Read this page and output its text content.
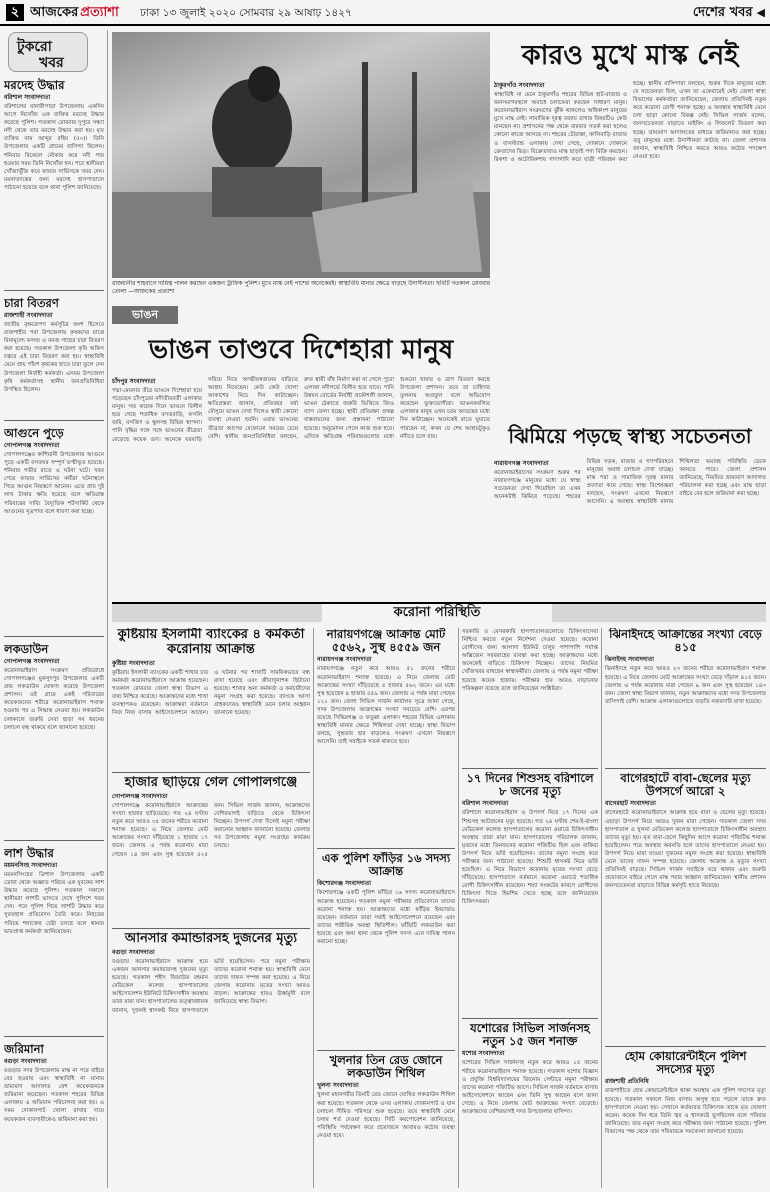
২ আজকের প্রত্যাশা	ঢাকা ১৩ জুলাই ২০২০ সোমবার ২৯ আষাঢ় ১৪২৭	দেশের খবর ◀
টুকরো
খবর
মরদেহ উদ্ধার
বরিশাল সংবাদদাতা
বরিশালের বানারীপাড়া উপজেলায় একদিন আগে নিখোঁজ এক ব্যক্তির মরদেহ উদ্ধার করেছে পুলিশ। গতকাল রোববার দুপুরে সন্ধ্যা নদী থেকে তার মরদেহ উদ্ধার করা হয়। মৃত ব্যক্তির নাম আব্দুর রহিম (৫০)। তিনি উপজেলার একটি গ্রামের বাসিন্দা ছিলেন। শনিবার বিকেলে নৌকায় করে নদী পার হওয়ার সময় তিনি নিখোঁজ হন। পরে স্থানীয়রা খোঁজাখুঁজি করে ফায়ার সার্ভিসকে খবর দেন। ময়নাতদন্তের জন্য মরদেহ হাসপাতালে পাঠানো হয়েছে বলে থানা পুলিশ জানিয়েছে।
চারা বিতরণ
রাজশাহী সংবাদদাতা
জাতীয় বৃক্ষরোপণ কর্মসূচির অংশ হিসেবে রাজশাহীর পবা উপজেলায় কৃষকদের মাঝে বিনামূল্যে ফলজ ও বনজ গাছের চারা বিতরণ করা হয়েছে। গতকাল উপজেলা কৃষি অফিস চত্বরে এই চারা বিতরণ করা হয়। স্বাস্থ্যবিধি মেনে প্রায় পাঁচশ কৃষকের হাতে চারা তুলে দেন উপজেলা নির্বাহী কর্মকর্তা। এসময় উপজেলা কৃষি কর্মকর্তাসহ স্থানীয় জনপ্রতিনিধিরা উপস্থিত ছিলেন।
আগুনে পুড়ে
গোপালগঞ্জ সংবাদদাতা
গোপালগঞ্জের কাশিয়ানী উপজেলায় আগুনে পুড়ে একটি বসতঘর সম্পূর্ণ ভস্মীভূত হয়েছে। শনিবার গভীর রাতে এ ঘটনা ঘটে। খবর পেয়ে ফায়ার সার্ভিসের কর্মীরা ঘটনাস্থলে গিয়ে আগুন নিয়ন্ত্রণে আনেন। এতে প্রায় দুই লাখ টাকার ক্ষতি হয়েছে বলে ক্ষতিগ্রস্ত পরিবারের দাবি। বৈদ্যুতিক শর্টসার্কিট থেকে আগুনের সূত্রপাত বলে ধারণা করা হচ্ছে।
লকডাউন
গোপালগঞ্জ সংবাদদাতা
করোনাভাইরাস সংক্রমণ প্রতিরোধে গোপালগঞ্জের মুকসুদপুর উপজেলার একটি গ্রাম লকডাউন ঘোষণা করেছে উপজেলা প্রশাসন। ওই গ্রামে একই পরিবারের কয়েকজনের শরীরে করোনাভাইরাস শনাক্ত হওয়ার পর এ সিদ্ধান্ত নেওয়া হয়। লকডাউন চলাকালে জরুরি সেবা ছাড়া সব ধরনের চলাচল বন্ধ থাকবে বলে জানানো হয়েছে।
লাশ উদ্ধার
ময়মনসিংহ সংবাদদাতা
ময়মনসিংহের ত্রিশাল উপজেলায় একটি ডোবা থেকে অজ্ঞাত পরিচয় এক যুবকের লাশ উদ্ধার করেছে পুলিশ। গতকাল সকালে স্থানীয়রা লাশটি ভাসতে দেখে পুলিশে খবর দেন। পরে পুলিশ গিয়ে লাশটি উদ্ধার করে সুরতহাল প্রতিবেদন তৈরি করে। নিহতের পরিচয় শনাক্তের চেষ্টা চলছে বলে থানার ভারপ্রাপ্ত কর্মকর্তা জানিয়েছেন।
জরিমানা
বগুড়া সংবাদদাতা
বগুড়ার সদর উপজেলায় মাস্ক না পরে বাইরে বের হওয়ায় এবং স্বাস্থ্যবিধি না মানায় ভ্রাম্যমাণ আদালত বেশ কয়েকজনকে জরিমানা করেছেন। গতকাল শহরের বিভিন্ন এলাকায় এ অভিযান পরিচালনা করা হয়। এ সময় দোকানপাট খোলা রাখার দায়ে কয়েকজন ব্যবসায়ীকেও জরিমানা করা হয়।
রাজধানীর শাহবাগে দায়িত্ব পালন করছেন একজন ট্রাফিক পুলিশ। মুখে মাস্ক নেই পাশের অনেকেরই। স্বাস্থ্যবিধি মানার ক্ষেত্রে বাড়ছে উদাসীনতা। ছবিটি গতকাল রোববার তোলা —আজকের প্রত্যাশা
কারও মুখে মাস্ক নেই
ঠাকুরগাঁও সংবাদদাতা
স্বাস্থ্যবিধি না মেনে ঠাকুরগাঁও শহরের বিভিন্ন হাট-বাজার ও জনসমাগমস্থলে অবাধে চলাফেরা করছেন সাধারণ মানুষ। করোনাভাইরাস সংক্রমণের ঝুঁকি থাকলেও অধিকাংশ মানুষের মুখে মাস্ক নেই। সামাজিক দূরত্ব বজায় রাখার বিষয়টিও কেউ মানছেন না। প্রশাসনের পক্ষ থেকে বারবার সতর্ক করা হলেও কোনো কাজে আসছে না। শহরের চৌরাস্তা, কালিবাড়ি বাজার ও বাসস্ট্যান্ড এলাকায় দেখা গেছে, দোকানে দোকানে ক্রেতাদের ভিড়। বিক্রেতারাও মাস্ক ছাড়াই পণ্য বিক্রি করছেন। রিকশা ও অটোরিকশায় গাদাগাদি করে যাত্রী পরিবহন করা হচ্ছে। স্থানীয় বাসিন্দারা বলছেন, শুরুর দিকে মানুষের মধ্যে যে সচেতনতা ছিল, এখন তা একেবারেই নেই। জেলা স্বাস্থ্য বিভাগের কর্মকর্তারা জানিয়েছেন, জেলায় প্রতিদিনই নতুন করে করোনা রোগী শনাক্ত হচ্ছে। এ অবস্থায় স্বাস্থ্যবিধি মেনে চলা ছাড়া কোনো বিকল্প নেই। সিভিল সার্জন বলেন, জনসচেতনতা বাড়াতে মাইকিং ও লিফলেট বিতরণ করা হচ্ছে। ভ্রাম্যমাণ আদালতের মাধ্যমে জরিমানাও করা হচ্ছে। তবু মানুষের মধ্যে উদাসীনতা কাটছে না। জেলা প্রশাসক জানান, স্বাস্থ্যবিধি নিশ্চিত করতে আরও কঠোর পদক্ষেপ নেওয়া হবে।
ভাঙন
ভাঙন তাণ্ডবে দিশেহারা মানুষ
চাঁদপুর সংবাদদাতা
পদ্মা-মেঘনার তীব্র ভাঙনে দিশেহারা হয়ে পড়েছেন চাঁদপুরের নদীতীরবর্তী এলাকার মানুষ। গত কয়েক দিনে ভাঙনে বিলীন হয়ে গেছে শতাধিক বসতবাড়ি, ফসলি জমি, মসজিদ ও স্কুলসহ বিভিন্ন স্থাপনা। পানি বৃদ্ধির সঙ্গে সঙ্গে ভাঙনের তীব্রতা বেড়েছে কয়েক গুণ। অনেকে ঘরবাড়ি সরিয়ে নিয়ে আত্মীয়স্বজনের বাড়িতে আশ্রয় নিয়েছেন। কেউ কেউ খোলা আকাশের নিচে দিন কাটাচ্ছেন। ক্ষতিগ্রস্তরা জানান, প্রতিবছর বর্ষা মৌসুমে ভাঙন দেখা দিলেও স্থায়ী কোনো ব্যবস্থা নেওয়া হয়নি। এবার ভাঙনের তীব্রতা আগের যেকোনো সময়ের চেয়ে বেশি। স্থানীয় জনপ্রতিনিধিরা বলছেন, দ্রুত স্থায়ী বাঁধ নির্মাণ করা না গেলে পুরো এলাকা নদীগর্ভে বিলীন হয়ে যাবে। পানি উন্নয়ন বোর্ডের নির্বাহী প্রকৌশলী জানান, ভাঙন ঠেকাতে জরুরি ভিত্তিতে জিও ব্যাগ ফেলা হচ্ছে। স্থায়ী প্রতিরক্ষা প্রকল্প বাস্তবায়নের জন্য প্রস্তাবনা পাঠানো হয়েছে। অনুমোদন পেলে কাজ শুরু হবে। এদিকে ক্ষতিগ্রস্ত পরিবারগুলোর মধ্যে শুকনো খাবার ও ত্রাণ বিতরণ করছে উপজেলা প্রশাসন। তবে তা চাহিদার তুলনায় অপ্রতুল বলে অভিযোগ করেছেন ভুক্তভোগীরা। ভাঙনকবলিত এলাকার মানুষ এখন চরম আতঙ্কের মধ্যে দিন কাটাচ্ছেন। অনেকেই রাতে ঘুমাতে পারছেন না, কখন যে শেষ আশ্রয়টুকুও নদীতে চলে যায়।	ঝিমিয়ে পড়ছে স্বাস্থ্য সচেতনতা
নারায়ণগঞ্জ সংবাদদাতা
করোনাভাইরাসের সংক্রমণ শুরুর পর নারায়ণগঞ্জে মানুষের মধ্যে যে স্বাস্থ্য সচেতনতা দেখা গিয়েছিল তা এখন অনেকটাই ঝিমিয়ে পড়েছে। শহরের বিভিন্ন সড়ক, বাজার ও গণপরিবহনে মানুষের অবাধ চলাচল দেখা যাচ্ছে। মাস্ক পরা ও সামাজিক দূরত্ব মানার প্রবণতা কমে গেছে। স্বাস্থ্য বিশেষজ্ঞরা বলছেন, সংক্রমণ এখনো নিয়ন্ত্রণে আসেনি। এ অবস্থায় স্বাস্থ্যবিধি মানায় শিথিলতা ভয়াবহ পরিস্থিতি ডেকে আনতে পারে। জেলা প্রশাসন জানিয়েছে, নিয়মিত ভ্রাম্যমাণ আদালত পরিচালনা করা হচ্ছে এবং মাস্ক ছাড়া বাইরে বের হলে জরিমানা করা হচ্ছে।
করোনা পরিস্থিতি
কুষ্টিয়ায় ইসলামী ব্যাংকের ৪ কর্মকর্তা করোনায় আক্রান্ত
কুষ্টিয়া সংবাদদাতা
কুষ্টিয়ায় ইসলামী ব্যাংকের একটি শাখার চার কর্মকর্তা করোনাভাইরাসে আক্রান্ত হয়েছেন। গতকাল রোববার জেলা স্বাস্থ্য বিভাগ এ তথ্য নিশ্চিত করেছে। আক্রান্তদের মধ্যে শাখা ব্যবস্থাপকও রয়েছেন। আক্রান্তরা বর্তমানে নিজ নিজ বাসায় আইসোলেশনে আছেন। এ ঘটনার পর শাখাটি সাময়িকভাবে বন্ধ রাখা হয়েছে এবং জীবাণুনাশক ছিটানো হয়েছে। শাখার অন্য কর্মকর্তা ও কর্মচারীদের নমুনা সংগ্রহ করা হয়েছে। ব্যাংকে আসা গ্রাহকদেরও স্বাস্থ্যবিধি মেনে চলার আহ্বান জানানো হয়েছে।
হাজার ছাড়িয়ে গেল গোপালগঞ্জে
গোপালগঞ্জ সংবাদদাতা
গোপালগঞ্জে করোনাভাইরাসে আক্রান্তের সংখ্যা হাজার ছাড়িয়েছে। গত ২৪ ঘণ্টায় নতুন করে আরও ৩৫ জনের শরীরে করোনা শনাক্ত হয়েছে। এ নিয়ে জেলায় মোট আক্রান্তের সংখ্যা দাঁড়িয়েছে ১ হাজার ১৭ জনে। জেলায় এ পর্যন্ত করোনায় মারা গেছেন ১৪ জন এবং সুস্থ হয়েছেন ৫২৫ জন। সিভিল সার্জন জানান, আক্রান্তদের বেশিরভাগই বাড়িতে থেকে চিকিৎসা নিচ্ছেন। উপসর্গ দেখা দিলেই নমুনা পরীক্ষা করানোর আহ্বান জানানো হয়েছে। জেলার সব উপজেলায় নমুনা সংগ্রহের কার্যক্রম চলছে।
আনসার কমান্ডারসহ দুজনের মৃত্যু
বগুড়া সংবাদদাতা
বগুড়ায় করোনাভাইরাসে আক্রান্ত হয়ে একজন আনসার কমান্ডারসহ দুজনের মৃত্যু হয়েছে। গতকাল শহীদ জিয়াউর রহমান মেডিকেল কলেজ হাসপাতালের আইসোলেশন ইউনিটে চিকিৎসাধীন অবস্থায় তারা মারা যান। হাসপাতালের তত্ত্বাবধায়ক জানান, দুজনই শ্বাসকষ্ট নিয়ে হাসপাতালে ভর্তি হয়েছিলেন। পরে নমুনা পরীক্ষায় তাদের করোনা শনাক্ত হয়। স্বাস্থ্যবিধি মেনে তাদের দাফন সম্পন্ন করা হয়েছে। এ নিয়ে জেলায় করোনায় মৃতের সংখ্যা আরও বাড়ল। আক্রান্তের হারও ঊর্ধ্বমুখী বলে জানিয়েছে স্বাস্থ্য বিভাগ।
নারায়ণগঞ্জে আক্রান্ত মোট ৫৫৬২, সুস্থ ৪৫৫৯ জন
নারায়ণগঞ্জ সংবাদদাতা
নারায়ণগঞ্জে নতুন করে আরও ৫১ জনের শরীরে করোনাভাইরাস শনাক্ত হয়েছে। এ নিয়ে জেলায় মোট আক্রান্তের সংখ্যা দাঁড়িয়েছে ৫ হাজার ৫৬২ জনে। এর মধ্যে সুস্থ হয়েছেন ৪ হাজার ৫৫৯ জন। জেলায় এ পর্যন্ত মারা গেছেন ১২১ জন। জেলা সিভিল সার্জন কার্যালয় সূত্রে জানা গেছে, সদর উপজেলায় আক্রান্তের সংখ্যা সবচেয়ে বেশি। এরপর রয়েছে সিদ্ধিরগঞ্জ ও ফতুল্লা এলাকা। শহরের বিভিন্ন এলাকায় স্বাস্থ্যবিধি মানার ক্ষেত্রে শিথিলতা দেখা যাচ্ছে। স্বাস্থ্য বিভাগ বলছে, সুস্থতার হার বাড়লেও সংক্রমণ এখনো নিয়ন্ত্রণে আসেনি। তাই সবাইকে সতর্ক থাকতে হবে।
এক পুলিশ ফাঁড়ির ১৬ সদস্য আক্রান্ত
কিশোরগঞ্জ সংবাদদাতা
কিশোরগঞ্জে একটি পুলিশ ফাঁড়ির ১৬ সদস্য করোনাভাইরাসে আক্রান্ত হয়েছেন। গতকাল নমুনা পরীক্ষার প্রতিবেদনে তাদের করোনা শনাক্ত হয়। আক্রান্তদের মধ্যে ফাঁড়ির ইনচার্জও রয়েছেন। বর্তমানে তারা সবাই আইসোলেশনে রয়েছেন এবং তাদের শারীরিক অবস্থা স্থিতিশীল। ফাঁড়িটি লকডাউন করা হয়েছে এবং অন্য থানা থেকে পুলিশ সদস্য এনে দায়িত্ব পালন করানো হচ্ছে।
খুলনার তিন রেড জোনে লকডাউন শিথিল
খুলনা সংবাদদাতা
খুলনা মহানগরীর তিনটি রেড জোনে ঘোষিত লকডাউন শিথিল করা হয়েছে। গতকাল থেকে এসব এলাকায় দোকানপাট ও যান চলাচল সীমিত পরিসরে শুরু হয়েছে। তবে স্বাস্থ্যবিধি মেনে চলার শর্ত দেওয়া হয়েছে। সিটি করপোরেশন জানিয়েছে, পরিস্থিতি পর্যবেক্ষণ করে প্রয়োজনে আবারও কঠোর ব্যবস্থা নেওয়া হবে।
সরকারি ও বেসরকারি হাসপাতালগুলোতে চিকিৎসাসেবা নিশ্চিত করতে নতুন নির্দেশনা দেওয়া হয়েছে। করোনা রোগীদের জন্য আলাদা ইউনিট চালুর পাশাপাশি পর্যাপ্ত অক্সিজেন সরবরাহের ব্যবস্থা করা হচ্ছে। আক্রান্তদের মধ্যে অনেকেই বাড়িতে চিকিৎসা নিচ্ছেন। তাদের নিয়মিত খোঁজখবর রাখছেন স্বাস্থ্যকর্মীরা। জেলায় এ পর্যন্ত নমুনা পরীক্ষা হয়েছে কয়েক হাজার। পরীক্ষার হার আরও বাড়ানোর পরিকল্পনা রয়েছে বলে জানিয়েছেন সংশ্লিষ্টরা।
১৭ দিনের শিশুসহ বরিশালে ৮ জনের মৃত্যু
বরিশাল সংবাদদাতা
বরিশালে করোনাভাইরাস ও উপসর্গ নিয়ে ১৭ দিনের এক শিশুসহ আটজনের মৃত্যু হয়েছে। গত ২৪ ঘণ্টায় শের-ই-বাংলা মেডিকেল কলেজ হাসপাতালের করোনা ওয়ার্ডে চিকিৎসাধীন অবস্থায় তারা মারা যান। হাসপাতালের পরিচালক জানান, মৃতদের মধ্যে তিনজনের করোনা পজিটিভ ছিল এবং বাকিরা উপসর্গ নিয়ে ভর্তি হয়েছিলেন। তাদের নমুনা সংগ্রহ করে পরীক্ষার জন্য পাঠানো হয়েছে। শিশুটি শ্বাসকষ্ট নিয়ে ভর্তি হয়েছিল। এ নিয়ে বিভাগে করোনায় মৃতের সংখ্যা বেড়ে দাঁড়িয়েছে। হাসপাতালে বর্তমানে করোনা ওয়ার্ডে শতাধিক রোগী চিকিৎসাধীন রয়েছেন। শয্যা সংকটের কারণে রোগীদের চিকিৎসা দিতে হিমশিম খেতে হচ্ছে বলে জানিয়েছেন চিকিৎসকরা।
যশোরের সিভিল সার্জনসহ নতুন ১৫ জন শনাক্ত
যশোর সংবাদদাতা
যশোরের সিভিল সার্জনসহ নতুন করে আরও ১৫ জনের শরীরে করোনাভাইরাস শনাক্ত হয়েছে। গতকাল যশোর বিজ্ঞান ও প্রযুক্তি বিশ্ববিদ্যালয়ের জিনোম সেন্টারে নমুনা পরীক্ষায় তাদের করোনা পজিটিভ আসে। সিভিল সার্জন বর্তমানে বাসায় আইসোলেশনে আছেন এবং তিনি সুস্থ আছেন বলে জানা গেছে। এ নিয়ে জেলায় মোট আক্রান্তের সংখ্যা বেড়েছে। আক্রান্তদের বেশিরভাগই সদর উপজেলার বাসিন্দা।
ঝিনাইদহে আক্রান্তের সংখ্যা বেড়ে ৪১৫
ঝিনাইদহ সংবাদদাতা
ঝিনাইদহে নতুন করে আরও ২৩ জনের শরীরে করোনাভাইরাস শনাক্ত হয়েছে। এ নিয়ে জেলায় মোট আক্রান্তের সংখ্যা বেড়ে দাঁড়াল ৪১৫ জনে। জেলায় এ পর্যন্ত করোনায় মারা গেছেন ৯ জন এবং সুস্থ হয়েছেন ১৪৩ জন। জেলা স্বাস্থ্য বিভাগ জানায়, নতুন আক্রান্তদের মধ্যে সদর উপজেলার বাসিন্দাই বেশি। আক্রান্ত এলাকাগুলোতে বাড়তি নজরদারি রাখা হয়েছে।
বাগেরহাটে বাবা-ছেলের মৃত্যু উপসর্গে আরো ২
বাগেরহাট সংবাদদাতা
বাগেরহাটে করোনাভাইরাসে আক্রান্ত হয়ে বাবা ও ছেলের মৃত্যু হয়েছে। এছাড়া উপসর্গ নিয়ে আরও দুজন মারা গেছেন। গতকাল জেলা সদর হাসপাতাল ও খুলনা মেডিকেল কলেজ হাসপাতালে চিকিৎসাধীন অবস্থায় তাদের মৃত্যু হয়। মৃত বাবা-ছেলে কিছুদিন আগে করোনা পজিটিভ শনাক্ত হয়েছিলেন। পরে অবস্থার অবনতি হলে তাদের হাসপাতালে নেওয়া হয়। উপসর্গ নিয়ে মারা যাওয়া দুজনের নমুনা সংগ্রহ করা হয়েছে। স্বাস্থ্যবিধি মেনে তাদের দাফন সম্পন্ন হয়েছে। জেলায় আক্রান্ত ও মৃত্যুর সংখ্যা প্রতিদিনই বাড়ছে। সিভিল সার্জন সবাইকে ঘরে থাকার এবং জরুরি প্রয়োজনে বাইরে গেলে মাস্ক পরার আহ্বান জানিয়েছেন। স্থানীয় প্রশাসন জনসচেতনতা বাড়াতে বিভিন্ন কর্মসূচি হাতে নিয়েছে।
হোম কোয়ারেন্টাইনে পুলিশ সদস্যের মৃত্যু
রাজশাহী প্রতিনিধি
রাজশাহীতে হোম কোয়ারেন্টাইনে থাকা অবস্থায় এক পুলিশ সদস্যের মৃত্যু হয়েছে। গতকাল সকালে নিজ বাসায় অসুস্থ হয়ে পড়লে তাকে দ্রুত হাসপাতালে নেওয়া হয়। সেখানে কর্তব্যরত চিকিৎসক তাকে মৃত ঘোষণা করেন। কয়েক দিন ধরে তিনি জ্বর ও শ্বাসকষ্টে ভুগছিলেন বলে পরিবার জানিয়েছে। তার নমুনা সংগ্রহ করে পরীক্ষার জন্য পাঠানো হয়েছে। পুলিশ বিভাগের পক্ষ থেকে তার পরিবারকে সমবেদনা জানানো হয়েছে।
